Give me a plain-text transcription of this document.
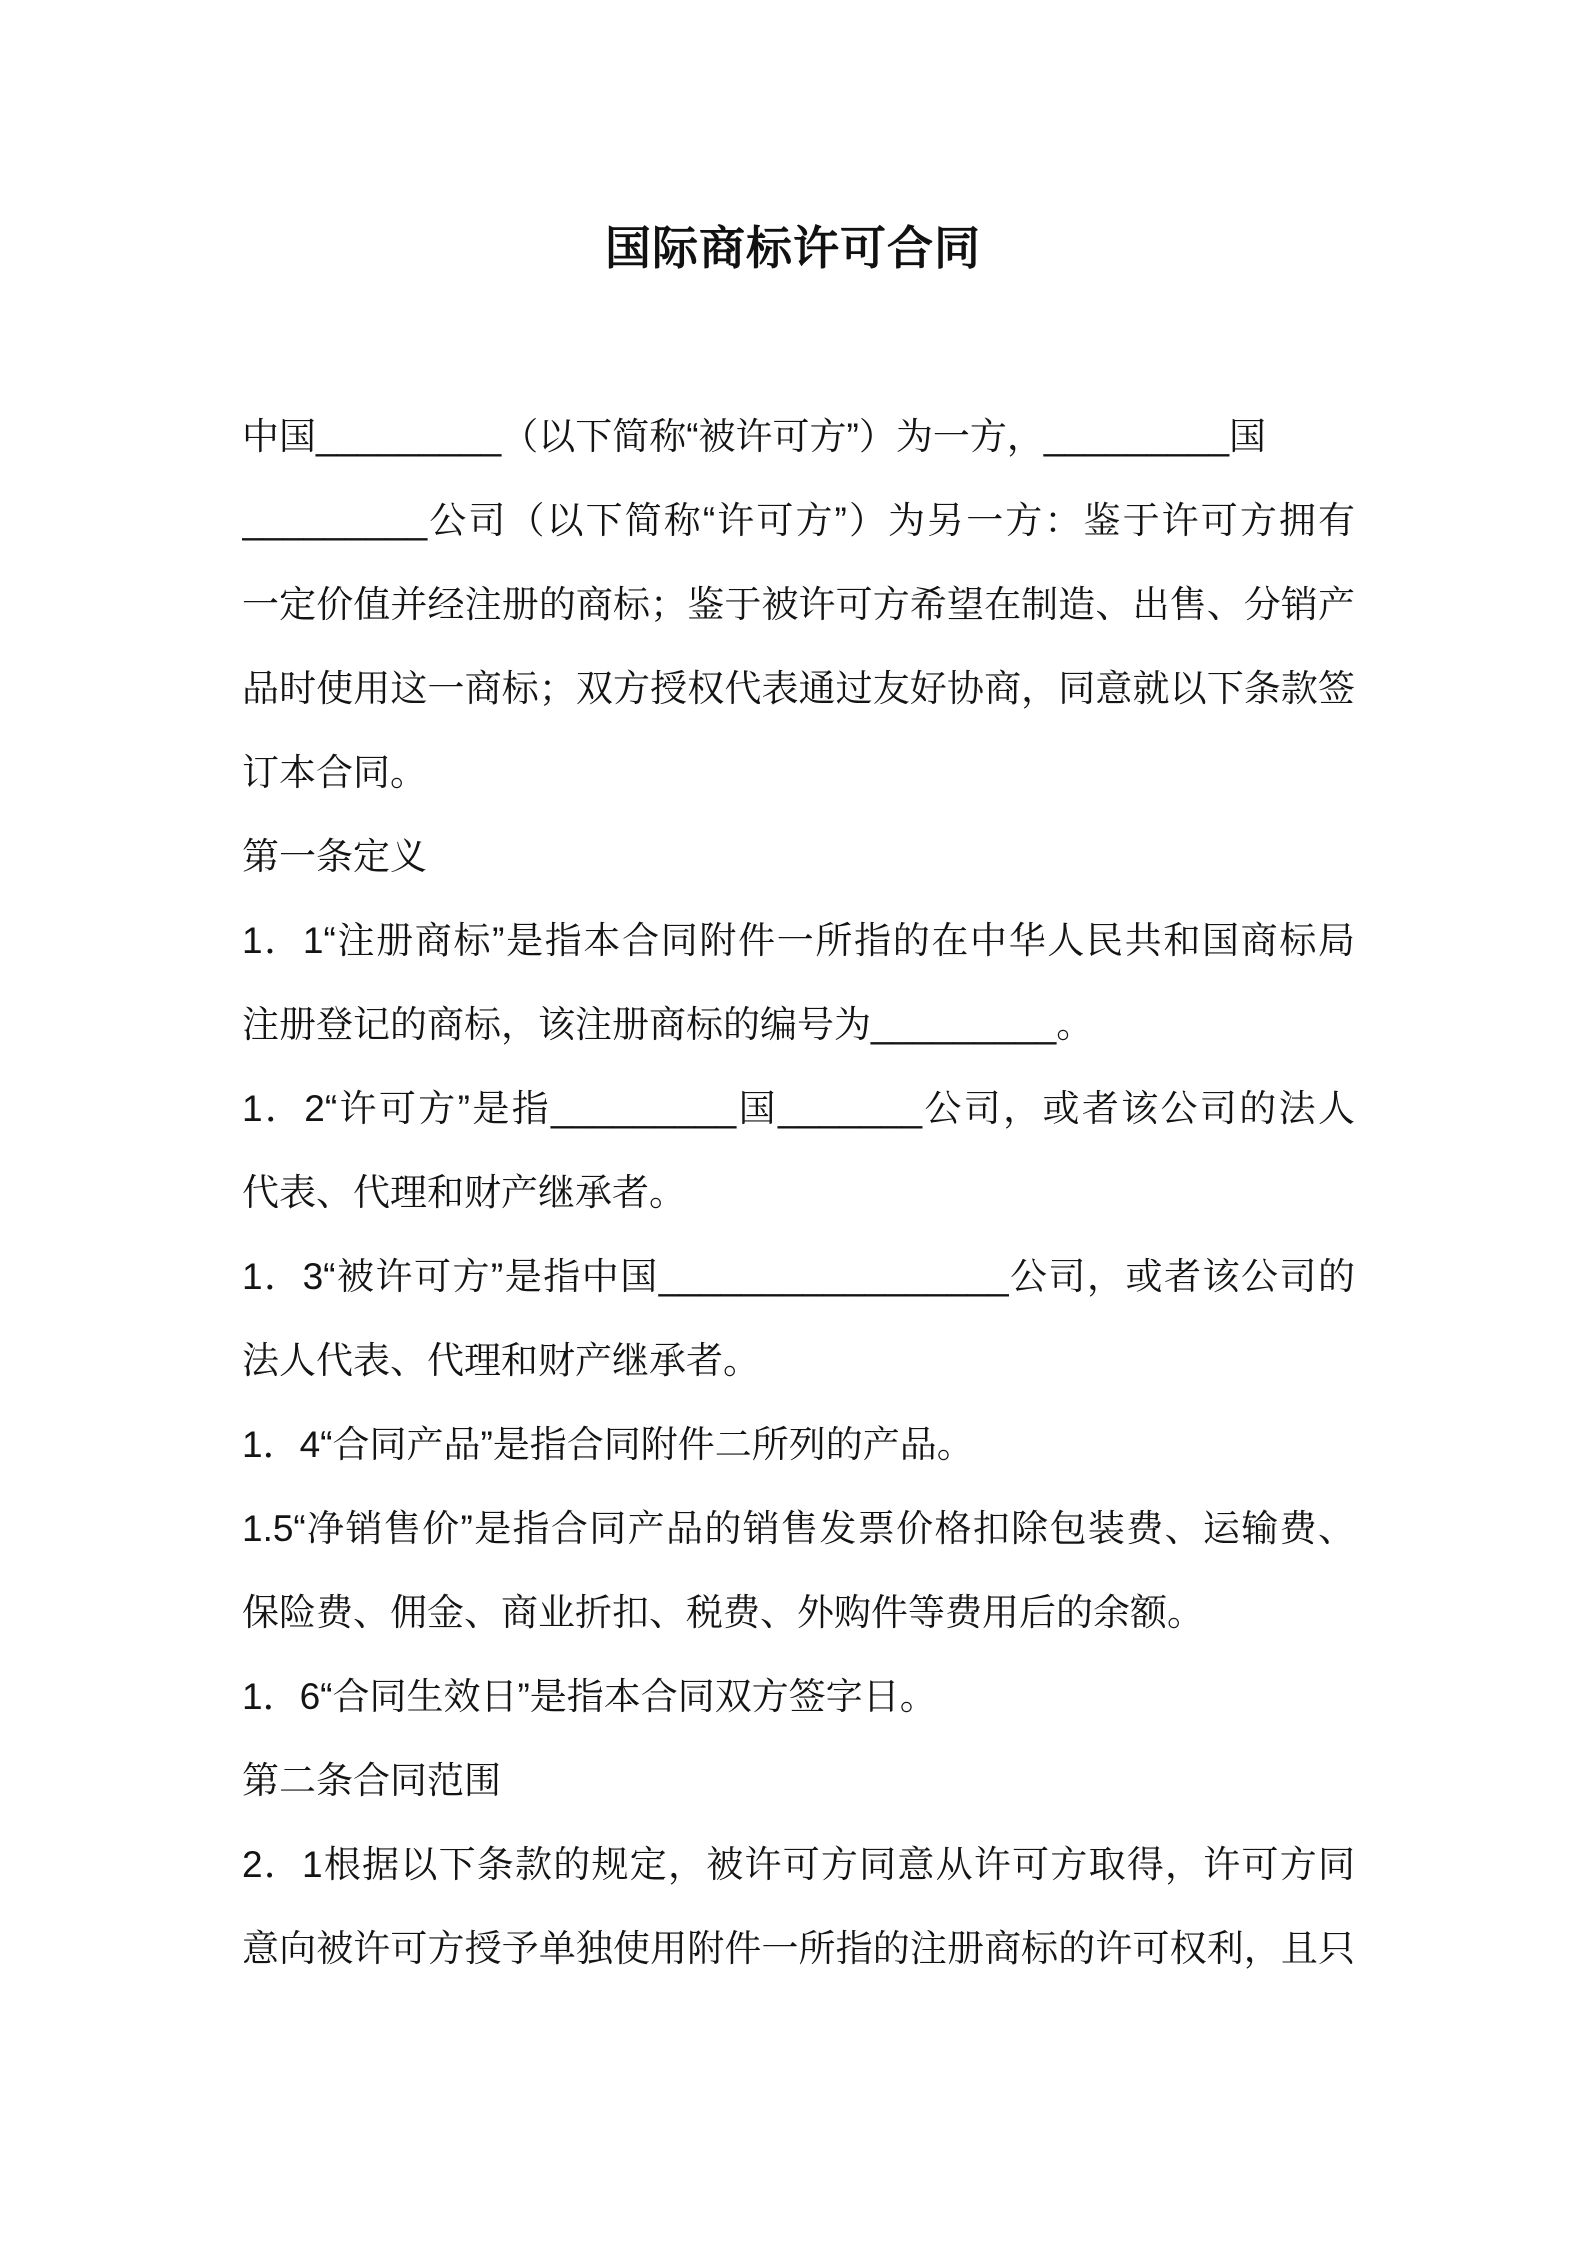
国际商标许可合同
中国_________（以下简称“被许可方”）为一方，_________国
_________公司（以下简称“许可方”）为另一方：鉴于许可方拥有
一定价值并经注册的商标；鉴于被许可方希望在制造、出售、分销产
品时使用这一商标；双方授权代表通过友好协商，同意就以下条款签
订本合同。
第一条定义
1．1“注册商标”是指本合同附件一所指的在中华人民共和国商标局
注册登记的商标，该注册商标的编号为_________。
1．2“许可方”是指_________国_______公司，或者该公司的法人
代表、代理和财产继承者。
1．3“被许可方”是指中国_________________公司，或者该公司的
法人代表、代理和财产继承者。
1．4“合同产品”是指合同附件二所列的产品。
1.5“净销售价”是指合同产品的销售发票价格扣除包装费、运输费、
保险费、佣金、商业折扣、税费、外购件等费用后的余额。
1．6“合同生效日”是指本合同双方签字日。
第二条合同范围
2．1根据以下条款的规定，被许可方同意从许可方取得，许可方同
意向被许可方授予单独使用附件一所指的注册商标的许可权利，且只
